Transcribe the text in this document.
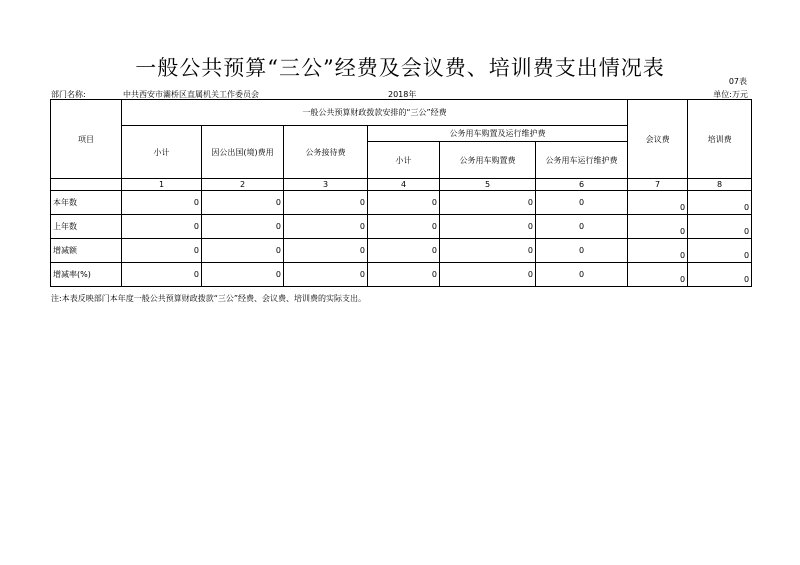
一般公共预算“三公”经费及会议费、培训费支出情况表
07表
部门名称:	中共西安市灞桥区直属机关工作委员会	2018年	单位:万元
项目	一般公共预算财政拨款安排的“三公”经费						会议费	培训费
	小计	因公出国(境)费用	公务接待费	公务用车购置及运行维护费				
				小计	公务用车购置费	公务用车运行维护费		
	1	2	3	4	5	6	7	8
本年数	0	0	0	0	0	0	0	0
上年数	0	0	0	0	0	0	0	0
增减额	0	0	0	0	0	0	0	0
增减率(%)	0	0	0	0	0	0	0	0
注:本表反映部门本年度一般公共预算财政拨款“三公”经费、会议费、培训费的实际支出。
